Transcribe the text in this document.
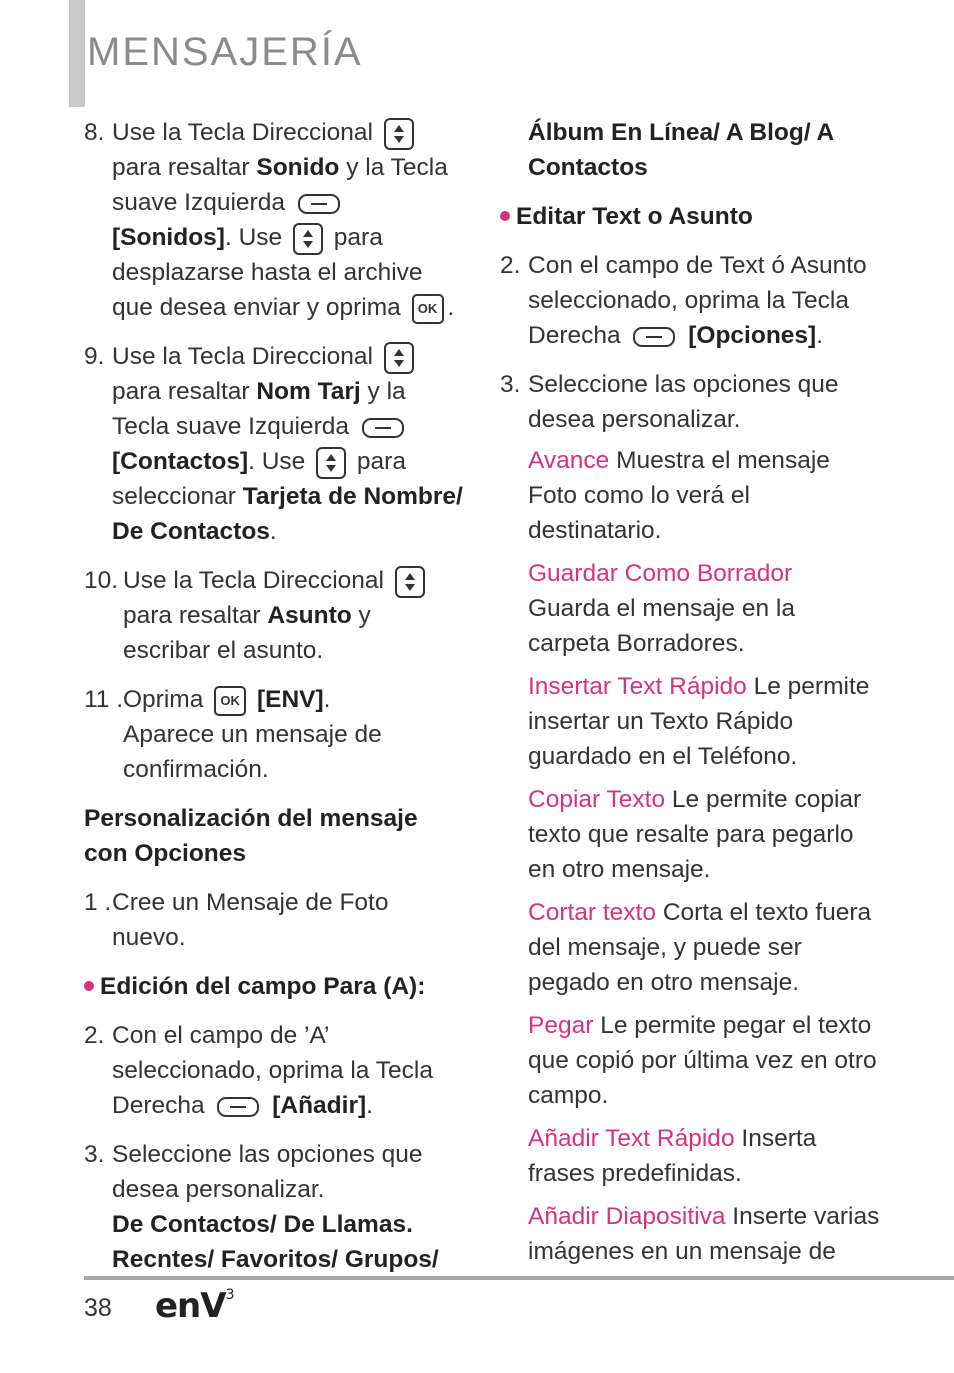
MENSAJERÍA
8. Use la Tecla Direccional  para resaltar Sonido y la Tecla suave Izquierda  [Sonidos]. Use para desplazarse hasta el archive que desea enviar y oprima OK .
9. Use la Tecla Direccional  para resaltar Nom Tarj y la Tecla suave Izquierda  [Contactos]. Use para seleccionar Tarjeta de Nombre/ De Contactos.
10. Use la Tecla Direccional  para resaltar Asunto y escribar el asunto.
11 . Oprima OK [ENV].
Aparece un mensaje de confirmación.
Personalización del mensaje con Opciones
1 . Cree un Mensaje de Foto nuevo.
Edición del campo Para (A):
2. Con el campo de ’A’ seleccionado, oprima la Tecla Derecha	[Añadir].
3. Seleccione las opciones que desea personalizar.
De Contactos/ De Llamas. Recntes/ Favoritos/ Grupos/
Álbum En Línea/ A Blog/ A Contactos
Editar Text o Asunto
2. Con el campo de Text ó Asunto seleccionado, oprima la Tecla Derecha	[Opciones].
3. Seleccione las opciones que desea personalizar.
Avance Muestra el mensaje Foto como lo verá el destinatario.
Guardar Como Borrador Guarda el mensaje en la carpeta Borradores.
Insertar Text Rápido Le permite insertar un Texto Rápido guardado en el Teléfono.
Copiar Texto Le permite copiar texto que resalte para pegarlo en otro mensaje.
Cortar texto Corta el texto fuera del mensaje, y puede ser pegado en otro mensaje.
Pegar Le permite pegar el texto que copió por última vez en otro campo.
Añadir Text Rápido Inserta frases predefinidas.
Añadir Diapositiva Inserte varias imágenes en un mensaje de
38 enV$^3$
